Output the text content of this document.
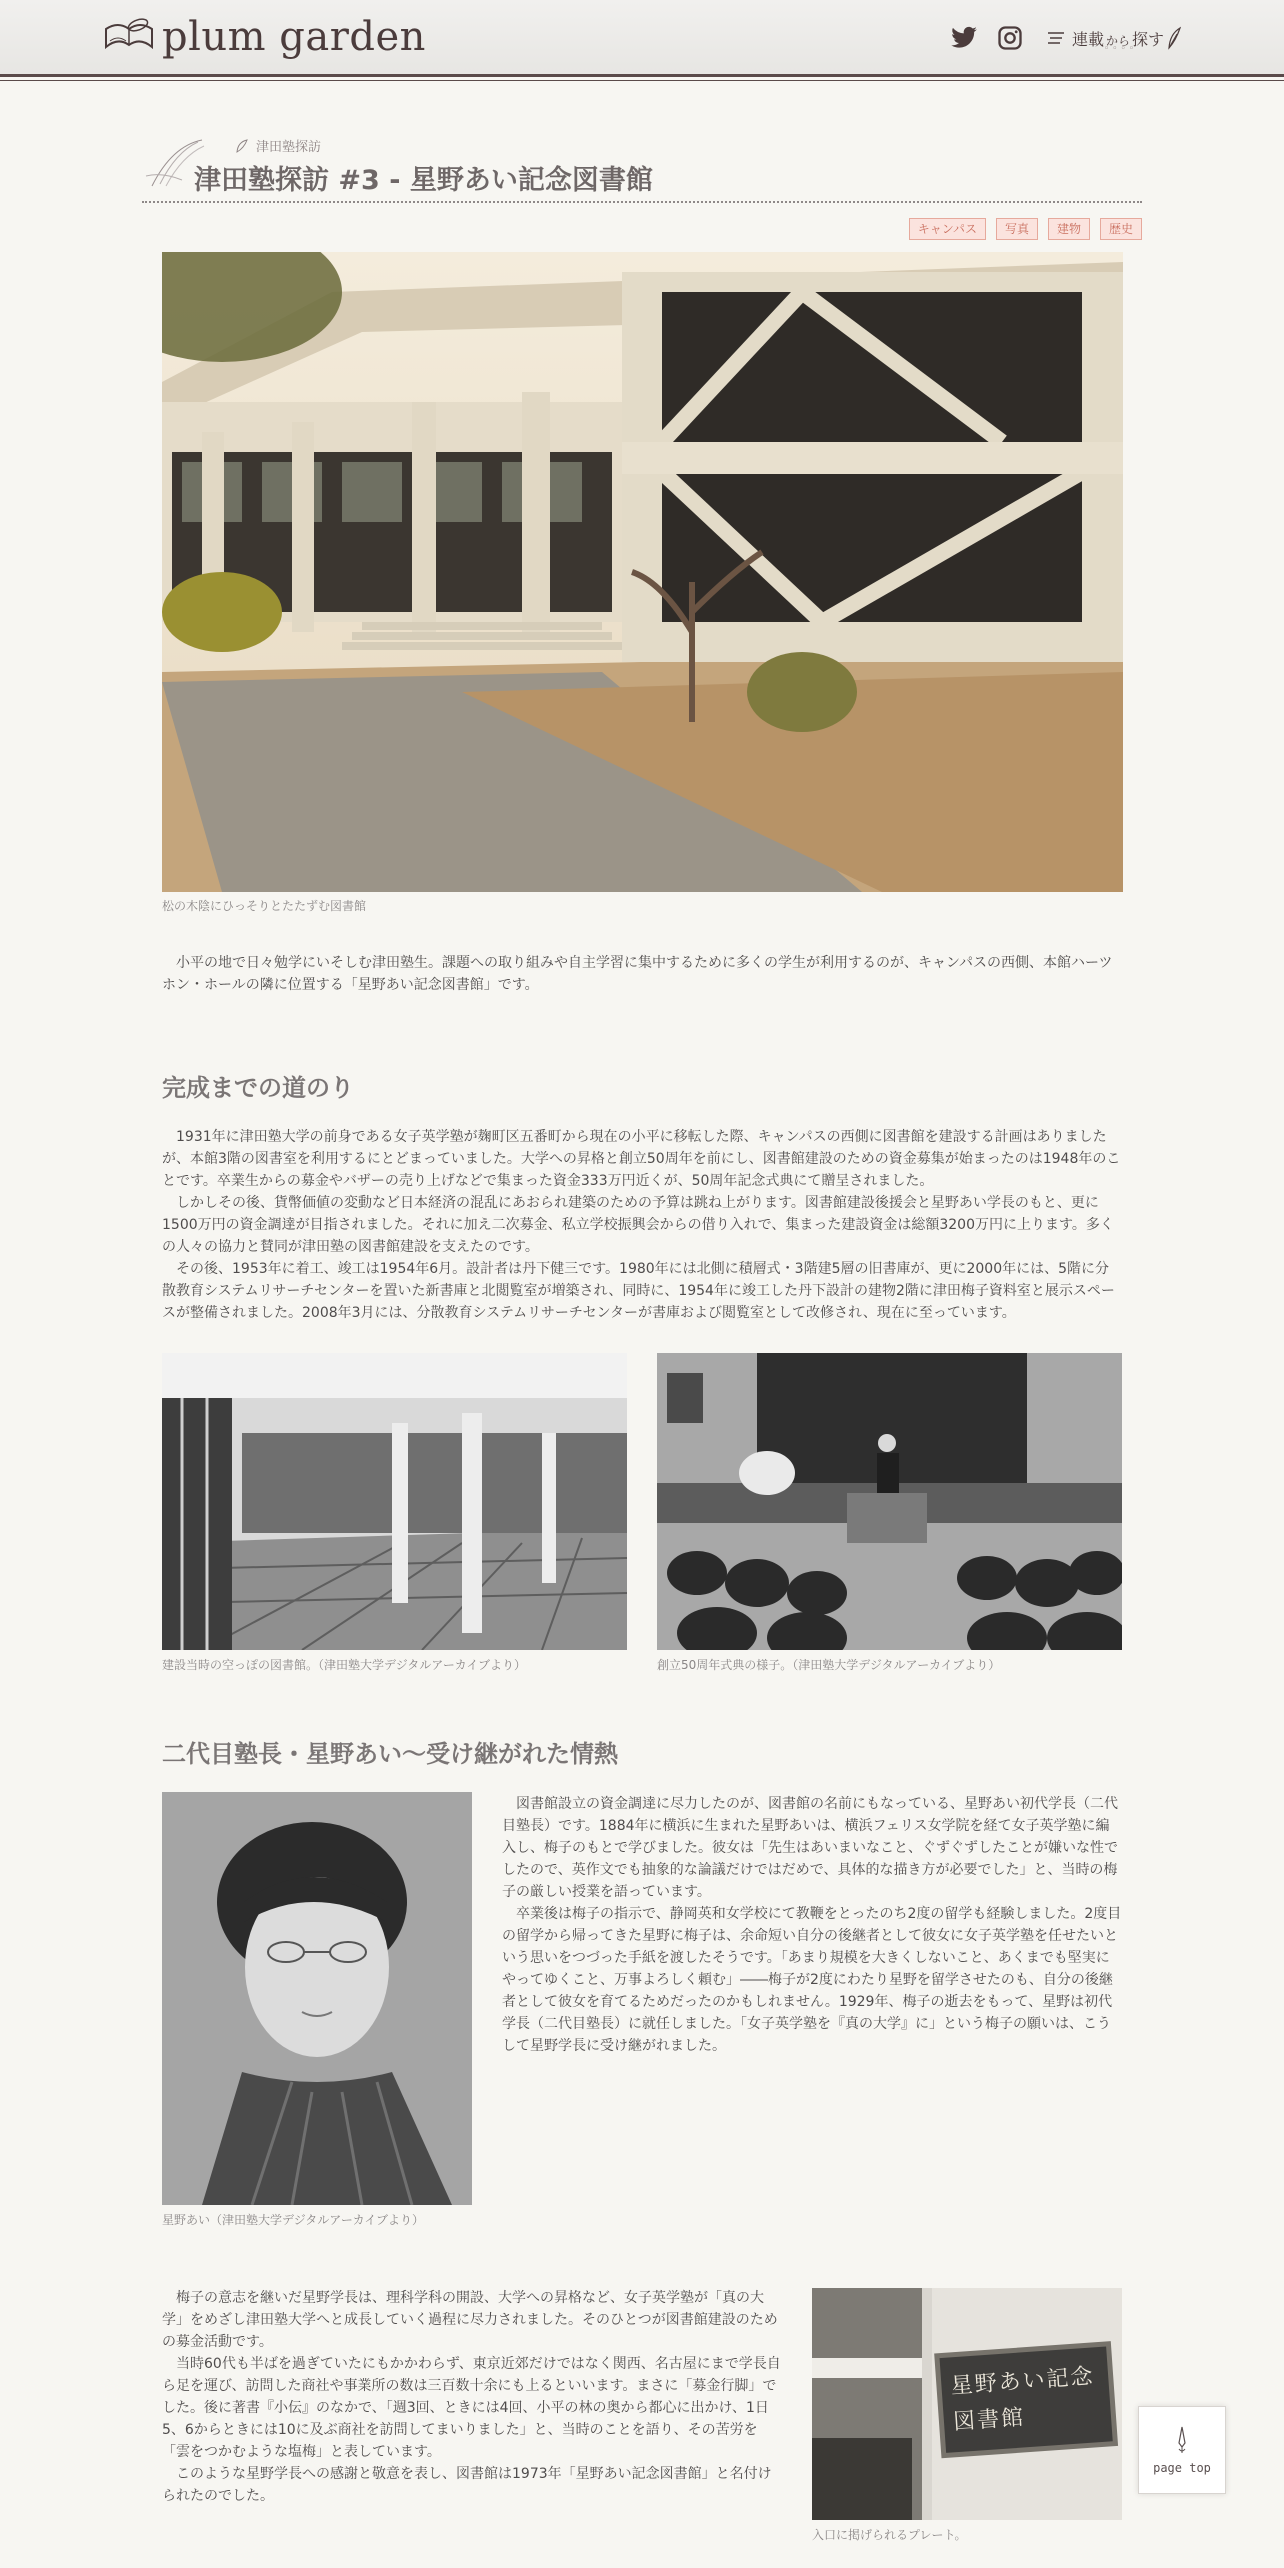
plum garden	連載 から 探す
◦◦◦◦
津田塾探訪
津田塾探訪 #3 - 星野あい記念図書館
キャンパス	写真	建物	歴史
松の木陰にひっそりとたたずむ図書館

　小平の地で日々勉学にいそしむ津田塾生。課題への取り組みや自主学習に集中するために多くの学生が利用するのが、キャンパスの西側、本館ハーツホン・ホールの隣に位置する「星野あい記念図書館」です。

完成までの道のり

　1931年に津田塾大学の前身である女子英学塾が麹町区五番町から現在の小平に移転した際、キャンパスの西側に図書館を建設する計画はありましたが、本館3階の図書室を利用するにとどまっていました。大学への昇格と創立50周年を前にし、図書館建設のための資金募集が始まったのは1948年のことです。卒業生からの募金やバザーの売り上げなどで集まった資金333万円近くが、50周年記念式典にて贈呈されました。

　しかしその後、貨幣価値の変動など日本経済の混乱にあおられ建築のための予算は跳ね上がります。図書館建設後援会と星野あい学長のもと、更に1500万円の資金調達が目指されました。それに加え二次募金、私立学校振興会からの借り入れで、集まった建設資金は総額3200万円に上ります。多くの人々の協力と賛同が津田塾の図書館建設を支えたのです。

　その後、1953年に着工、竣工は1954年6月。設計者は丹下健三です。1980年には北側に積層式・3階建5層の旧書庫が、更に2000年には、5階に分散教育システムリサーチセンターを置いた新書庫と北閲覧室が増築され、同時に、1954年に竣工した丹下設計の建物2階に津田梅子資料室と展示スペースが整備されました。2008年3月には、分散教育システムリサーチセンターが書庫および閲覧室として改修され、現在に至っています。

建設当時の空っぽの図書館。（津田塾大学デジタルアーカイブより）	創立50周年式典の様子。（津田塾大学デジタルアーカイブより）
二代目塾長・星野あい～受け継がれた情熱
星野あい（津田塾大学デジタルアーカイブより）

　図書館設立の資金調達に尽力したのが、図書館の名前にもなっている、星野あい初代学長（二代目塾長）です。1884年に横浜に生まれた星野あいは、横浜フェリス女学院を経て女子英学塾に編入し、梅子のもとで学びました。彼女は「先生はあいまいなこと、ぐずぐずしたことが嫌いな性でしたので、英作文でも抽象的な論議だけではだめで、具体的な描き方が必要でした」と、当時の梅子の厳しい授業を語っています。

　卒業後は梅子の指示で、静岡英和女学校にて教鞭をとったのち2度の留学も経験しました。2度目の留学から帰ってきた星野に梅子は、余命短い自分の後継者として彼女に女子英学塾を任せたいという思いをつづった手紙を渡したそうです。「あまり規模を大きくしないこと、あくまでも堅実にやってゆくこと、万事よろしく頼む」――梅子が2度にわたり星野を留学させたのも、自分の後継者として彼女を育てるためだったのかもしれません。1929年、梅子の逝去をもって、星野は初代学長（二代目塾長）に就任しました。「女子英学塾を『真の大学』に」という梅子の願いは、こうして星野学長に受け継がれました。

　梅子の意志を継いだ星野学長は、理科学科の開設、大学への昇格など、女子英学塾が「真の大学」をめざし津田塾大学へと成長していく過程に尽力されました。そのひとつが図書館建設のための募金活動です。

　当時60代も半ばを過ぎていたにもかかわらず、東京近郊だけではなく関西、名古屋にまで学長自ら足を運び、訪問した商社や事業所の数は三百数十余にも上るといいます。まさに「募金行脚」でした。後に著書『小伝』のなかで、「週3回、ときには4回、小平の林の奥から都心に出かけ、1日5、6からときには10に及ぶ商社を訪問してまいりました」と、当時のことを語り、その苦労を「雲をつかむような塩梅」と表しています。

　このような星野学長への感謝と敬意を表し、図書館は1973年「星野あい記念図書館」と名付けられたのでした。

星野あい記念図書館
入口に掲げられるプレート。
page top
